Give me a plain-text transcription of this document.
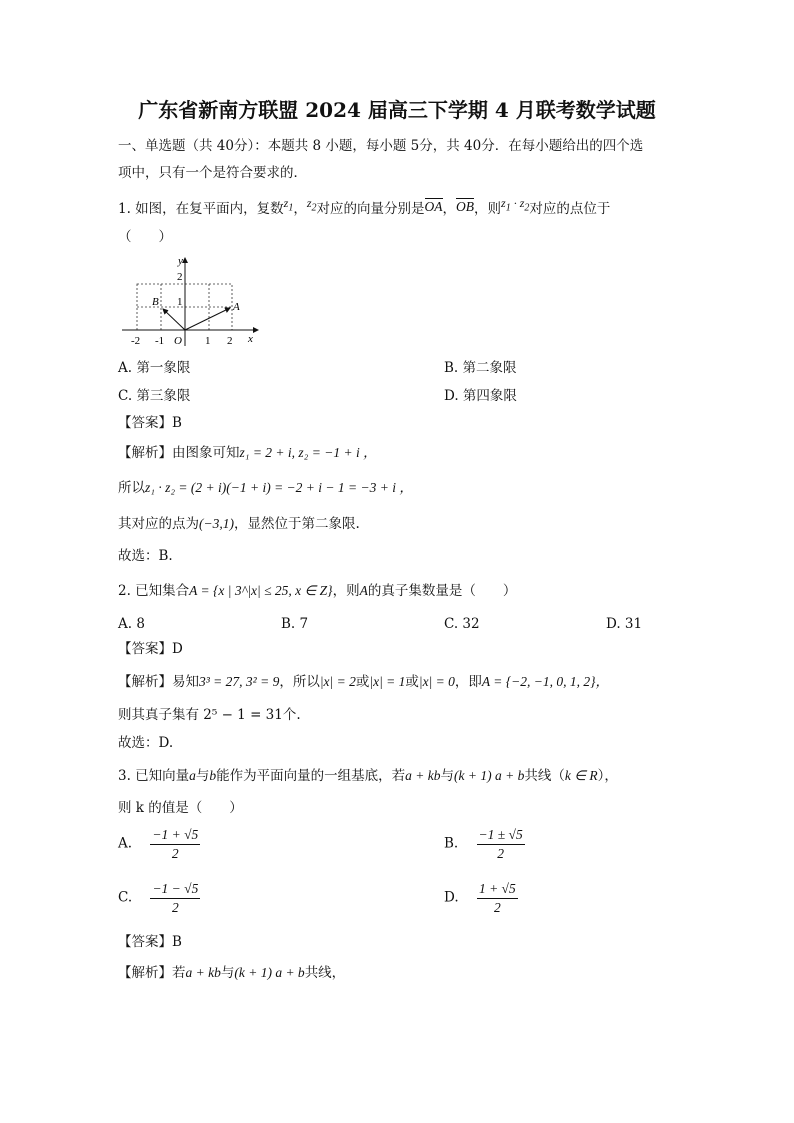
广东省新南方联盟 2024 届高三下学期 4 月联考数学试题
一、单选题（共 40分）：本题共 8 小题，每小题 5分，共 40分．在每小题给出的四个选
项中，只有一个是符合要求的．
1. 如图，在复平面内，复数$z_1$，$z_2$对应的向量分别是OA，OB，则$z_1 \cdot z_2$对应的点位于
（　　）
y
x
O
A
B
2
1
-2 -1	1 2
A. 第一象限	B. 第二象限
C. 第三象限	D. 第四象限
【答案】B
【解析】由图象可知z₁ = 2 + i, z₂ = −1 + i ，
所以z₁ · z₂ = (2 + i)(−1 + i) = −2 + i − 1 = −3 + i ，
其对应的点为(−3,1)，显然位于第二象限.
故选：B.
2. 已知集合A = {x | 3^|x| ≤ 25, x ∈ Z}，则A的真子集数量是（　　）
A. 8	B. 7	C. 32	D. 31
【答案】D
【解析】易知3³ = 27, 3² = 9，所以|x| = 2或|x| = 1或|x| = 0，即A = {−2, −1, 0, 1, 2}，
则其真子集有 2⁵ − 1 = 31个.
故选：D.
3. 已知向量a与b能作为平面向量的一组基底，若a + kb与(k + 1) a + b共线（k ∈ R），
则 k 的值是（　　）
A. $\frac{-1 + √5}{2}$	B. $\frac{-1 \pm √5}{2}$
C. $\frac{-1 - √5}{2}$	D. $\frac{1 + √5}{2}$
【答案】B
【解析】若a + kb与(k + 1) a + b共线，
